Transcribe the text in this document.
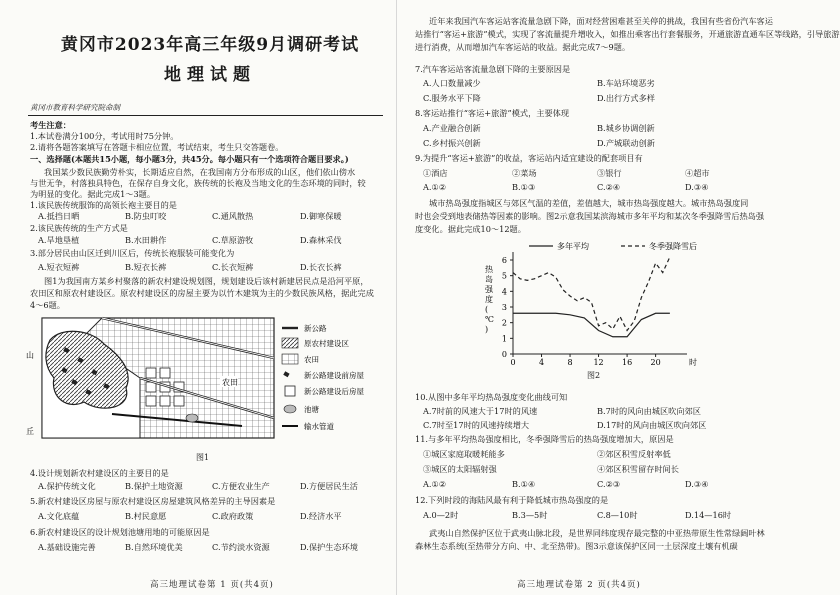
黄冈市2023年高三年级9月调研考试
地理试题
黄冈市教育科学研究院命制
考生注意：
1.本试卷满分100分，考试用时75分钟。
2.请将各题答案填写在答题卡相应位置，考试结束，考生只交答题卷。
一、选择题(本题共15小题，每小题3分，共45分。每小题只有一个选项符合题目要求。)
我国某少数民族勤劳朴实，长期适应自然，在我国南方分布形成的山区，他们依山傍水
与世无争，村落独具特色，在保存自身文化，族传统的长袍及当地文化的生态环境的同时，较
为明显的变化。据此完成1～3题。
1.该民族传统服饰的高领长袍主要目的是
A.抵挡日晒	B.防虫叮咬	C.通风散热	D.御寒保暖
2.该民族传统的生产方式是
A.旱地垦植	B.水田耕作	C.草原游牧	D.森林采伐
3.部分居民由山区迁到川区后，传统长袍服装可能变化为
A.短衣短裤	B.短衣长裤	C.长衣短裤	D.长衣长裤
图1为我国南方某乡村聚落的新农村建设规划图，规划建设后该村新建居民点是沿河平原，
农田区和原农村建设区。原农村建设区的房屋主要为以竹木建筑为主的少数民族风格，据此完成
4～6题。
山
丘
农田
新公路
原农村建设区
农田
新公路建设前房屋
新公路建设后房屋
池塘
输水管道
图1
4.设计规划新农村建设区的主要目的是
A.保护传统文化	B.保护土地资源	C.方便农业生产	D.方便居民生活
5.新农村建设区房屋与原农村建设区房屋建筑风格差异的主导因素是
A.文化底蕴	B.村民意愿	C.政府政策	D.经济水平
6.新农村建设区的设计规划池塘用地的可能原因是
A.基础设施完善	B.自然环境优美	C.节约淡水资源	D.保护生态环境
高三地理试卷第 1 页(共4页)
近年来我国汽车客运站客流量急剧下降，面对经营困难甚至关停的挑战，我国有些省份汽车客运
站推行“客运+旅游”模式，实现了客流量提升增收入，如推出乘客出行套餐服务，开通旅游直通车区等线路，引导旅游
进行消费，从而增加汽车客运站的收益。据此完成7～9题。
7.汽车客运站客流量急剧下降的主要原因是
A.人口数量减少	B.车站环境恶劣
C.服务水平下降	D.出行方式多样
8.客运站推行“客运+旅游”模式，主要体现
A.产业融合创新	B.城乡协调创新
C.乡村振兴创新	D.产城联动创新
9.为提升“客运+旅游”的收益，客运站内适宜建设的配套项目有
①酒店	②菜场	③银行	④超市
A.①②	B.①③	C.②④	D.③④
城市热岛强度指城区与郊区气温的差值，差值越大，城市热岛强度越大。城市热岛强度同
时也会受到地表储热等因素的影响。图2示意我国某滨海城市多年平均和某次冬季强降雪后热岛强
度变化。据此完成10～12题。
0	4	8	12 16 20	时
0
1
2
3
4
5
6
热
岛
强
度
(
℃
)
多年平均	冬季强降雪后
图2
10.从图中多年平均热岛强度变化曲线可知
A.7时前的风速大于17时的风速	B.7时的风向由城区吹向郊区
C.7时至17时的风速持续增大	D.17时的风向由城区吹向郊区
11.与多年平均热岛强度相比，冬季强降雪后的热岛强度增加大，原因是
①城区家庭取暖耗能多	②郊区积雪反射率低
③城区的太阳辐射强	④郊区积雪留存时间长
A.①②	B.①④	C.②③	D.③④
12.下列时段的海陆风最有利于降低城市热岛强度的是
A.0—2时	B.3—5时	C.8—10时	D.14—16时
武夷山自然保护区位于武夷山脉北段，是世界同纬度现存最完整的中亚热带原生性常绿阔叶林
森林生态系统(至热带分方向、中、北至热带)。图3示意该保护区同一土层深度土壤有机碳
高三地理试卷第 2 页(共4页)
